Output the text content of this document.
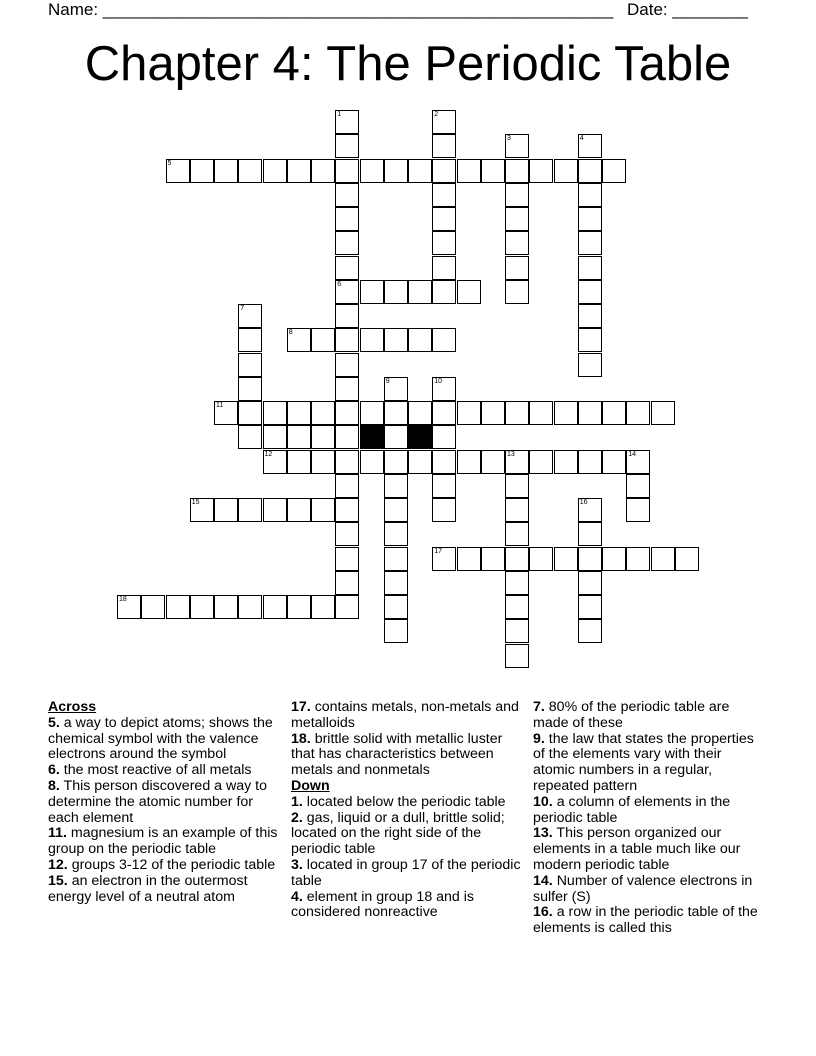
Name: ______________________________________________________ Date: ________
Chapter 4: The Periodic Table
1
6
2
3	4
5
7
8
9	10
11
12	13	14
15	16
17
18
Across

5. a way to depict atoms; shows the chemical symbol with the valence electrons around the symbol

6. the most reactive of all metals

8. This person discovered a way to determine the atomic number for each element

11. magnesium is an example of this group on the periodic table

12. groups 3-12 of the periodic table

15. an electron in the outermost energy level of a neutral atom

17. contains metals, non-metals and metalloids

18. brittle solid with metallic luster that has characteristics between metals and nonmetals

Down

1. located below the periodic table

2. gas, liquid or a dull, brittle solid; located on the right side of the periodic table

3. located in group 17 of the periodic table

4. element in group 18 and is considered nonreactive

7. 80% of the periodic table are made of these

9. the law that states the properties of the elements vary with their atomic numbers in a regular, repeated pattern

10. a column of elements in the periodic table

13. This person organized our elements in a table much like our modern periodic table

14. Number of valence electrons in sulfer (S)

16. a row in the periodic table of the elements is called this
